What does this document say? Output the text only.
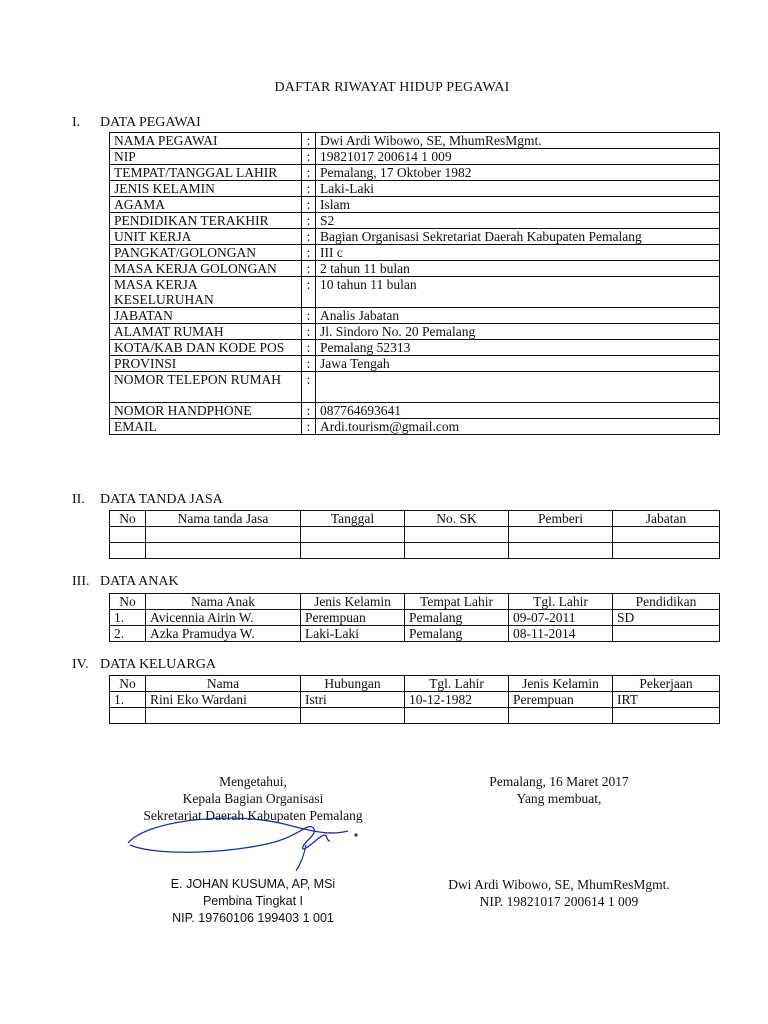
DAFTAR RIWAYAT HIDUP PEGAWAI
I. DATA PEGAWAI
NAMA PEGAWAI	:	Dwi Ardi Wibowo, SE, MhumResMgmt.
NIP	:	19821017 200614 1 009
TEMPAT/TANGGAL LAHIR	:	Pemalang, 17 Oktober 1982
JENIS KELAMIN	:	Laki-Laki
AGAMA	:	Islam
PENDIDIKAN TERAKHIR	:	S2
UNIT KERJA	:	Bagian Organisasi Sekretariat Daerah Kabupaten Pemalang
PANGKAT/GOLONGAN	:	III c
MASA KERJA GOLONGAN	:	2 tahun 11 bulan
MASA KERJA KESELURUHAN	:	10 tahun 11 bulan
JABATAN	:	Analis Jabatan
ALAMAT RUMAH	:	Jl. Sindoro No. 20 Pemalang
KOTA/KAB DAN KODE POS	:	Pemalang 52313
PROVINSI	:	Jawa Tengah
NOMOR TELEPON RUMAH	:	
NOMOR HANDPHONE	:	087764693641
EMAIL	:	Ardi.tourism@gmail.com
II. DATA TANDA JASA
No	Nama tanda Jasa	Tanggal	No. SK	Pemberi	Jabatan

III. DATA ANAK
No	Nama Anak	Jenis Kelamin	Tempat Lahir	Tgl. Lahir	Pendidikan
1.	Avicennia Airin W.	Perempuan	Pemalang	09-07-2011	SD
2.	Azka Pramudya W.	Laki-Laki	Pemalang	08-11-2014	
IV. DATA KELUARGA
No	Nama	Hubungan	Tgl. Lahir	Jenis Kelamin	Pekerjaan
1.	Rini Eko Wardani	Istri	10-12-1982	Perempuan	IRT

Mengetahui,
Kepala Bagian Organisasi
Sekretariat Daerah Kabupaten Pemalang
E. JOHAN KUSUMA, AP, MSi
Pembina Tingkat I
NIP. 19760106 199403 1 001
Pemalang, 16 Maret 2017
Yang membuat,
Dwi Ardi Wibowo, SE, MhumResMgmt.
NIP. 19821017 200614 1 009
